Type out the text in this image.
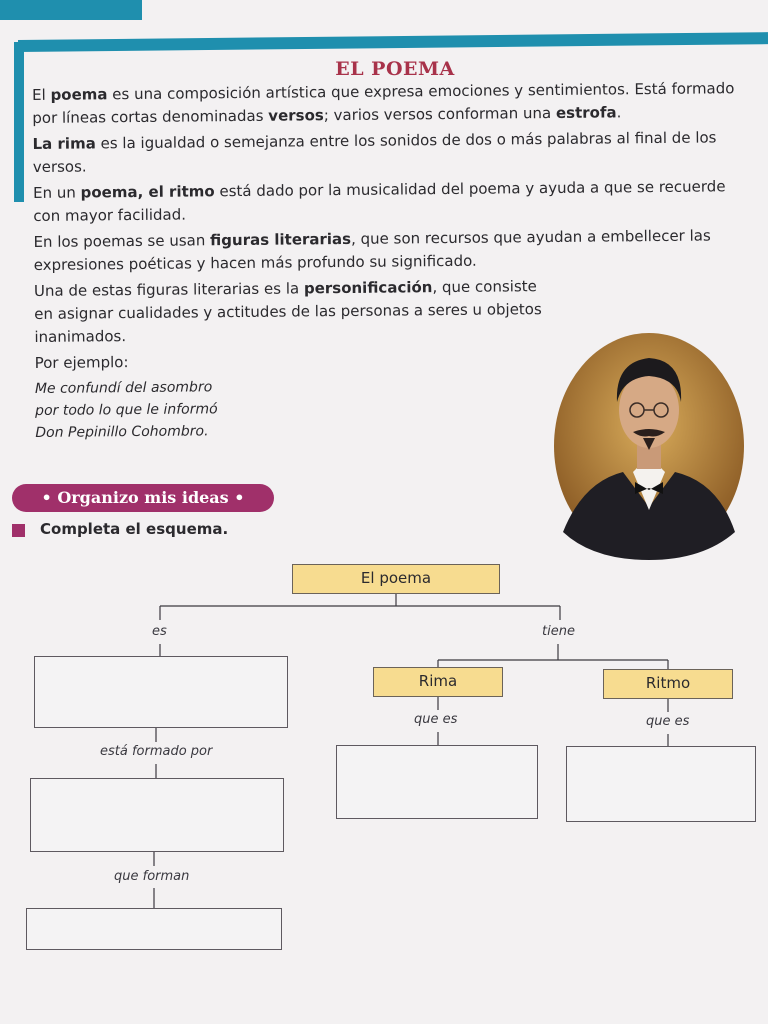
EL POEMA

El poema es una composición artística que expresa emociones y sentimientos. Está formado por líneas cortas denominadas versos; varios versos conforman una estrofa.

La rima es la igualdad o semejanza entre los sonidos de dos o más palabras al final de los versos.

En un poema, el ritmo está dado por la musicalidad del poema y ayuda a que se recuerde con mayor facilidad.

En los poemas se usan figuras literarias, que son recursos que ayudan a embellecer las expresiones poéticas y hacen más profundo su significado.

Una de estas figuras literarias es la personificación, que consiste en asignar cualidades y actitudes de las personas a seres u objetos inanimados.

Por ejemplo:

Me confundí del asombro
por todo lo que le informó
Don Pepinillo Cohombro.
• Organizo mis ideas •
Completa el esquema.
El poema
es	tiene
Rima	Ritmo
que es	que es
está formado por
que forman
